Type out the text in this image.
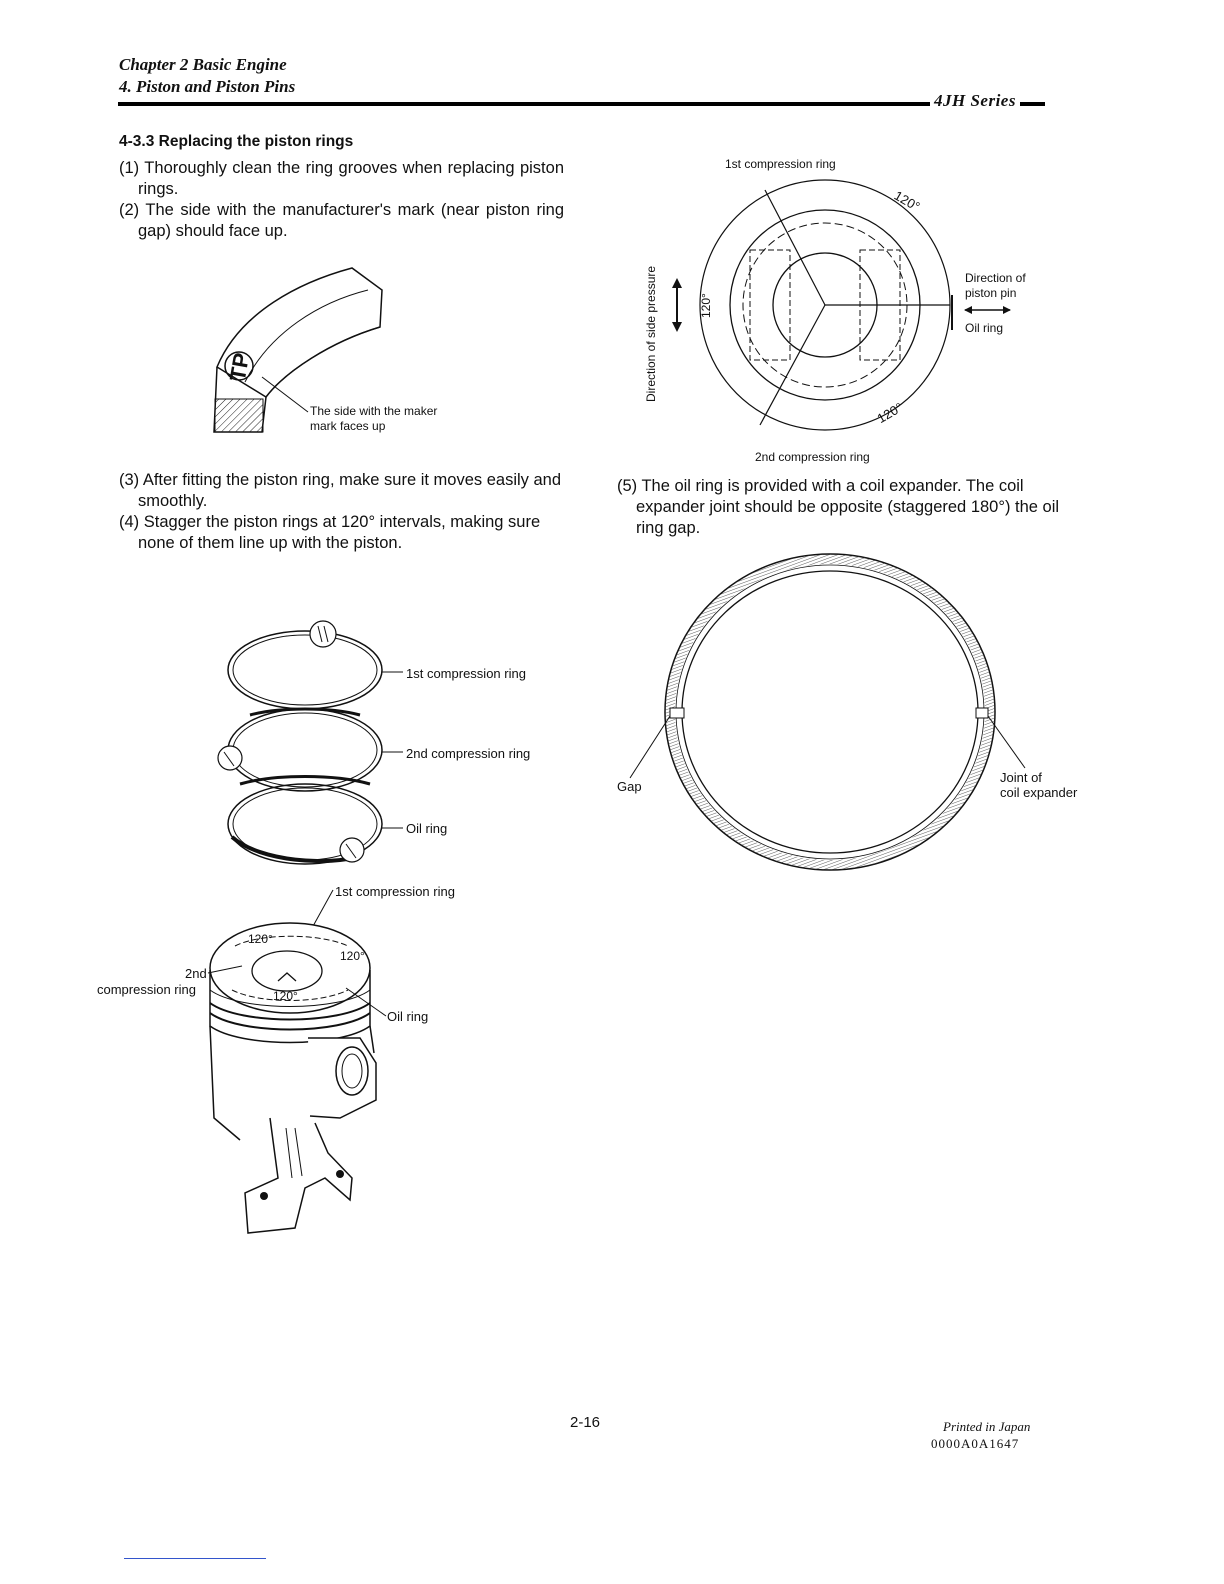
Chapter 2 Basic Engine
4. Piston and Piston Pins
4JH Series
4-3.3 Replacing the piston rings

(1) Thoroughly clean the ring grooves when replacing piston rings.

(2) The side with the manufacturer's mark (near piston ring gap) should face up.

TP
The side with the maker
mark faces up

(3) After fitting the piston ring, make sure it moves easily and smoothly.

(4) Stagger the piston rings at 120° intervals, making sure none of them line up with the piston.

1st compression ring
2nd compression ring
Oil ring
1st compression ring
120°
120°
120°
2nd
compression ring
Oil ring
1st compression ring
Direction of side pressure	120°
120°
120°
Direction of
piston pin
Oil ring
2nd compression ring

(5) The oil ring is provided with a coil expander. The coil expander joint should be opposite (staggered 180°) the oil ring gap.

Gap
Joint of
coil expander
2-16	Printed in Japan
0000A0A1647
